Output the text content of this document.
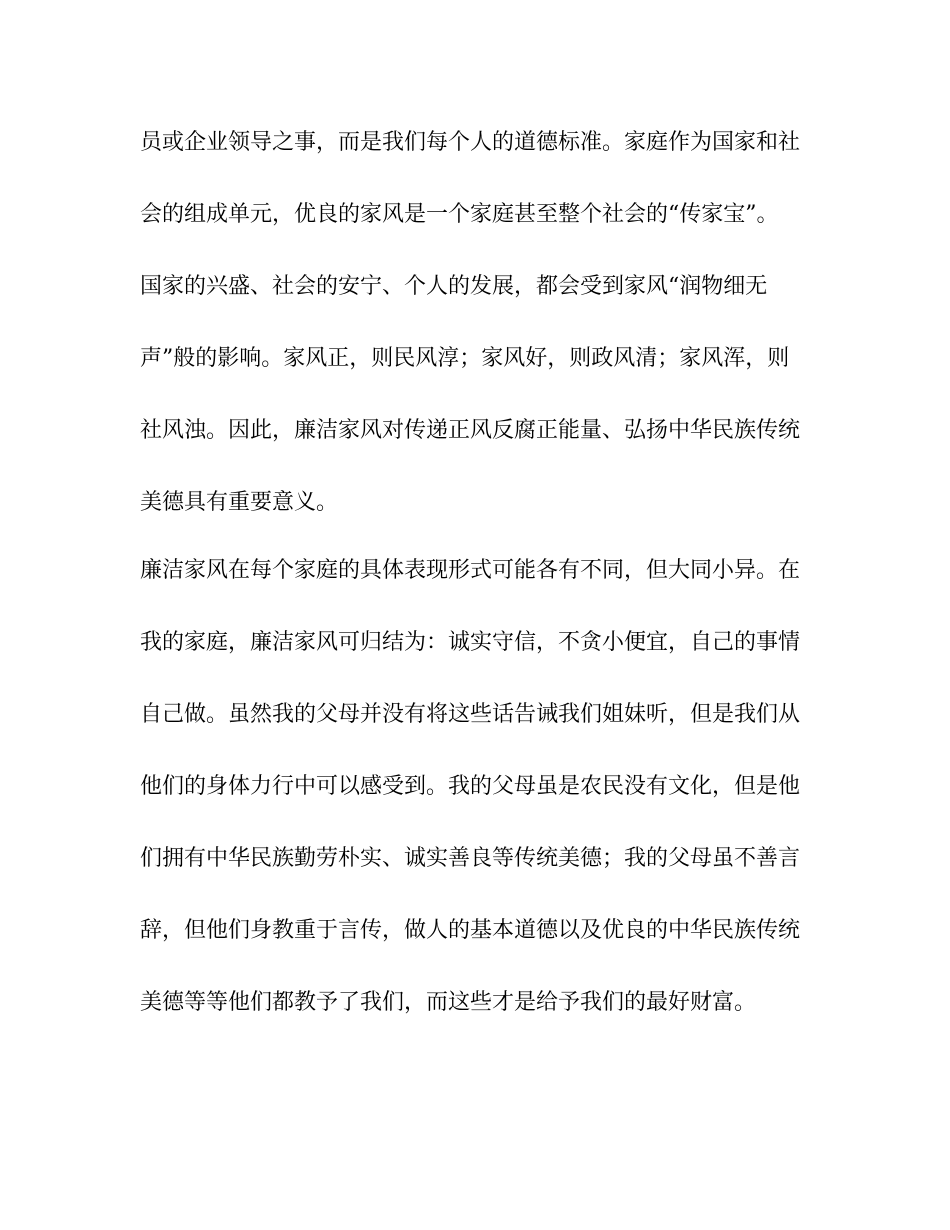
员或企业领导之事，而是我们每个人的道德标准。家庭作为国家和社
会的组成单元，优良的家风是一个家庭甚至整个社会的“传家宝”。
国家的兴盛、社会的安宁、个人的发展，都会受到家风“润物细无
声”般的影响。家风正，则民风淳；家风好，则政风清；家风浑，则
社风浊。因此，廉洁家风对传递正风反腐正能量、弘扬中华民族传统
美德具有重要意义。
廉洁家风在每个家庭的具体表现形式可能各有不同，但大同小异。在
我的家庭，廉洁家风可归结为：诚实守信，不贪小便宜，自己的事情
自己做。虽然我的父母并没有将这些话告诫我们姐妹听，但是我们从
他们的身体力行中可以感受到。我的父母虽是农民没有文化，但是他
们拥有中华民族勤劳朴实、诚实善良等传统美德；我的父母虽不善言
辞，但他们身教重于言传，做人的基本道德以及优良的中华民族传统
美德等等他们都教予了我们，而这些才是给予我们的最好财富。
